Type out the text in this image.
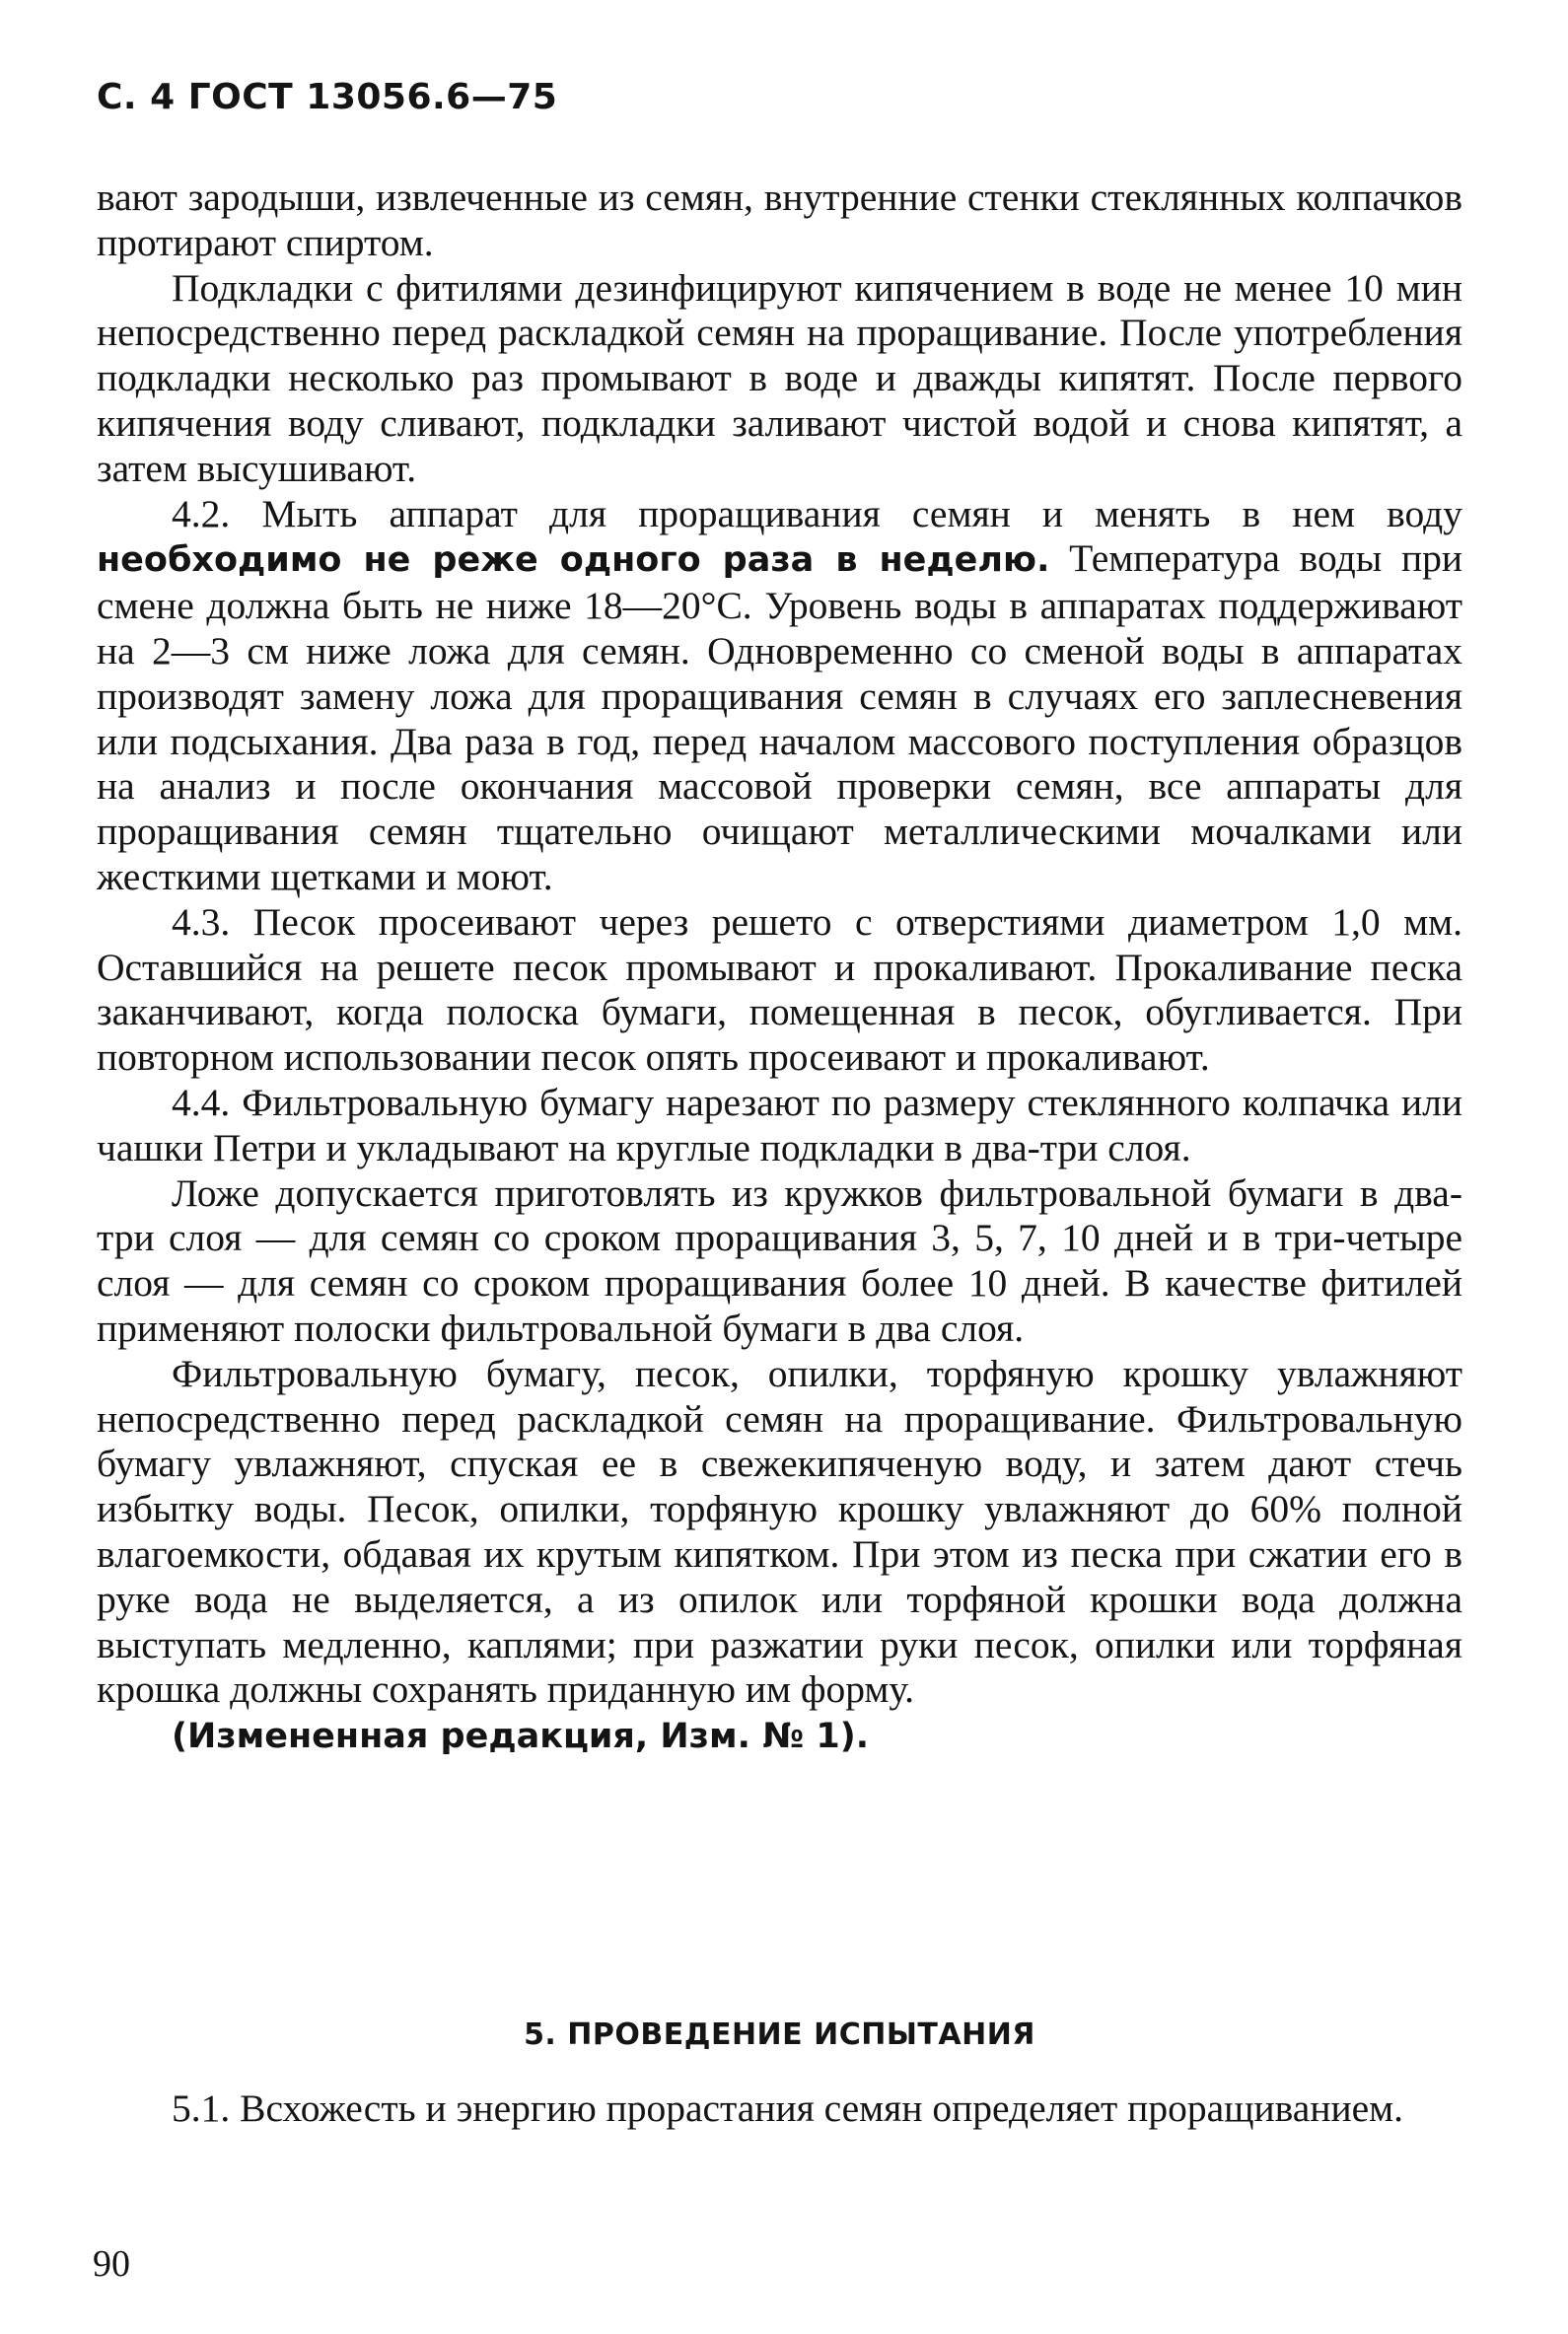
С. 4 ГОСТ 13056.6—75

вают зародыши, извлеченные из семян, внутренние стенки стеклянных колпачков протирают спиртом.

Подкладки с фитилями дезинфицируют кипячением в воде не менее 10 мин непосредственно перед раскладкой семян на проращивание. После употребления подкладки несколько раз промывают в воде и дважды кипятят. После первого кипячения воду сливают, подкладки заливают чистой водой и снова кипятят, а затем высушивают.

4.2. Мыть аппарат для проращивания семян и менять в нем воду необходимо не реже одного раза в неделю. Температура воды при смене должна быть не ниже 18—20°С. Уровень воды в аппаратах поддерживают на 2—3 см ниже ложа для семян. Одновременно со сменой воды в аппаратах производят замену ложа для проращивания семян в случаях его заплесневения или подсыхания. Два раза в год, перед началом массового поступления образцов на анализ и после окончания массовой проверки семян, все аппараты для проращивания семян тщательно очищают металлическими мочалками или жесткими щетками и моют.

4.3. Песок просеивают через решето с отверстиями диаметром 1,0 мм. Оставшийся на решете песок промывают и прокаливают. Прокаливание песка заканчивают, когда полоска бумаги, помещенная в песок, обугливается. При повторном использовании песок опять просеивают и прокаливают.

4.4. Фильтровальную бумагу нарезают по размеру стеклянного колпачка или чашки Петри и укладывают на круглые подкладки в два-три слоя.

Ложе допускается приготовлять из кружков фильтровальной бумаги в два-три слоя — для семян со сроком проращивания 3, 5, 7, 10 дней и в три-четыре слоя — для семян со сроком проращивания более 10 дней. В качестве фитилей применяют полоски фильтровальной бумаги в два слоя.

Фильтровальную бумагу, песок, опилки, торфяную крошку увлажняют непосредственно перед раскладкой семян на проращивание. Фильтровальную бумагу увлажняют, спуская ее в свежекипяченую воду, и затем дают стечь избытку воды. Песок, опилки, торфяную крошку увлажняют до 60% полной влагоемкости, обдавая их крутым кипятком. При этом из песка при сжатии его в руке вода не выделяется, а из опилок или торфяной крошки вода должна выступать медленно, каплями; при разжатии руки песок, опилки или торфяная крошка должны сохранять приданную им форму.

(Измененная редакция, Изм. № 1).

5. ПРОВЕДЕНИЕ ИСПЫТАНИЯ

5.1. Всхожесть и энергию прорастания семян определяет проращиванием.

90
